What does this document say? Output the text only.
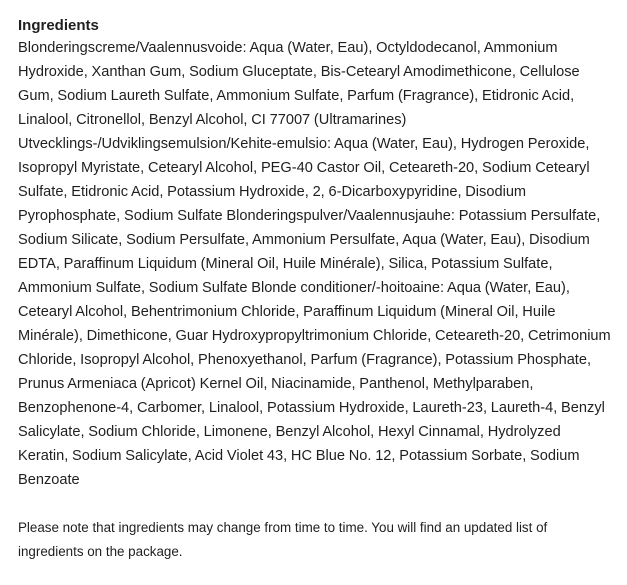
Ingredients

Blonderingscreme/Vaalennusvoide: Aqua (Water, Eau), Octyldodecanol, Ammonium Hydroxide, Xanthan Gum, Sodium Gluceptate, Bis-Cetearyl Amodimethicone, Cellulose Gum, Sodium Laureth Sulfate, Ammonium Sulfate, Parfum (Fragrance), Etidronic Acid, Linalool, Citronellol, Benzyl Alcohol, CI 77007 (Ultramarines) Utvecklings-/Udviklingsemulsion/Kehite-emulsio: Aqua (Water, Eau), Hydrogen Peroxide, Isopropyl Myristate, Cetearyl Alcohol, PEG-40 Castor Oil, Ceteareth-20, Sodium Cetearyl Sulfate, Etidronic Acid, Potassium Hydroxide, 2, 6-Dicarboxypyridine, Disodium Pyrophosphate, Sodium Sulfate Blonderingspulver/Vaalennusjauhe: Potassium Persulfate, Sodium Silicate, Sodium Persulfate, Ammonium Persulfate, Aqua (Water, Eau), Disodium EDTA, Paraffinum Liquidum (Mineral Oil, Huile Minérale), Silica, Potassium Sulfate, Ammonium Sulfate, Sodium Sulfate Blonde conditioner/-hoitoaine: Aqua (Water, Eau), Cetearyl Alcohol, Behentrimonium Chloride, Paraffinum Liquidum (Mineral Oil, Huile Minérale), Dimethicone, Guar Hydroxypropyltrimonium Chloride, Ceteareth-20, Cetrimonium Chloride, Isopropyl Alcohol, Phenoxyethanol, Parfum (Fragrance), Potassium Phosphate, Prunus Armeniaca (Apricot) Kernel Oil, Niacinamide, Panthenol, Methylparaben, Benzophenone-4, Carbomer, Linalool, Potassium Hydroxide, Laureth-23, Laureth-4, Benzyl Salicylate, Sodium Chloride, Limonene, Benzyl Alcohol, Hexyl Cinnamal, Hydrolyzed Keratin, Sodium Salicylate, Acid Violet 43, HC Blue No. 12, Potassium Sorbate, Sodium Benzoate

Please note that ingredients may change from time to time. You will find an updated list of ingredients on the package.
